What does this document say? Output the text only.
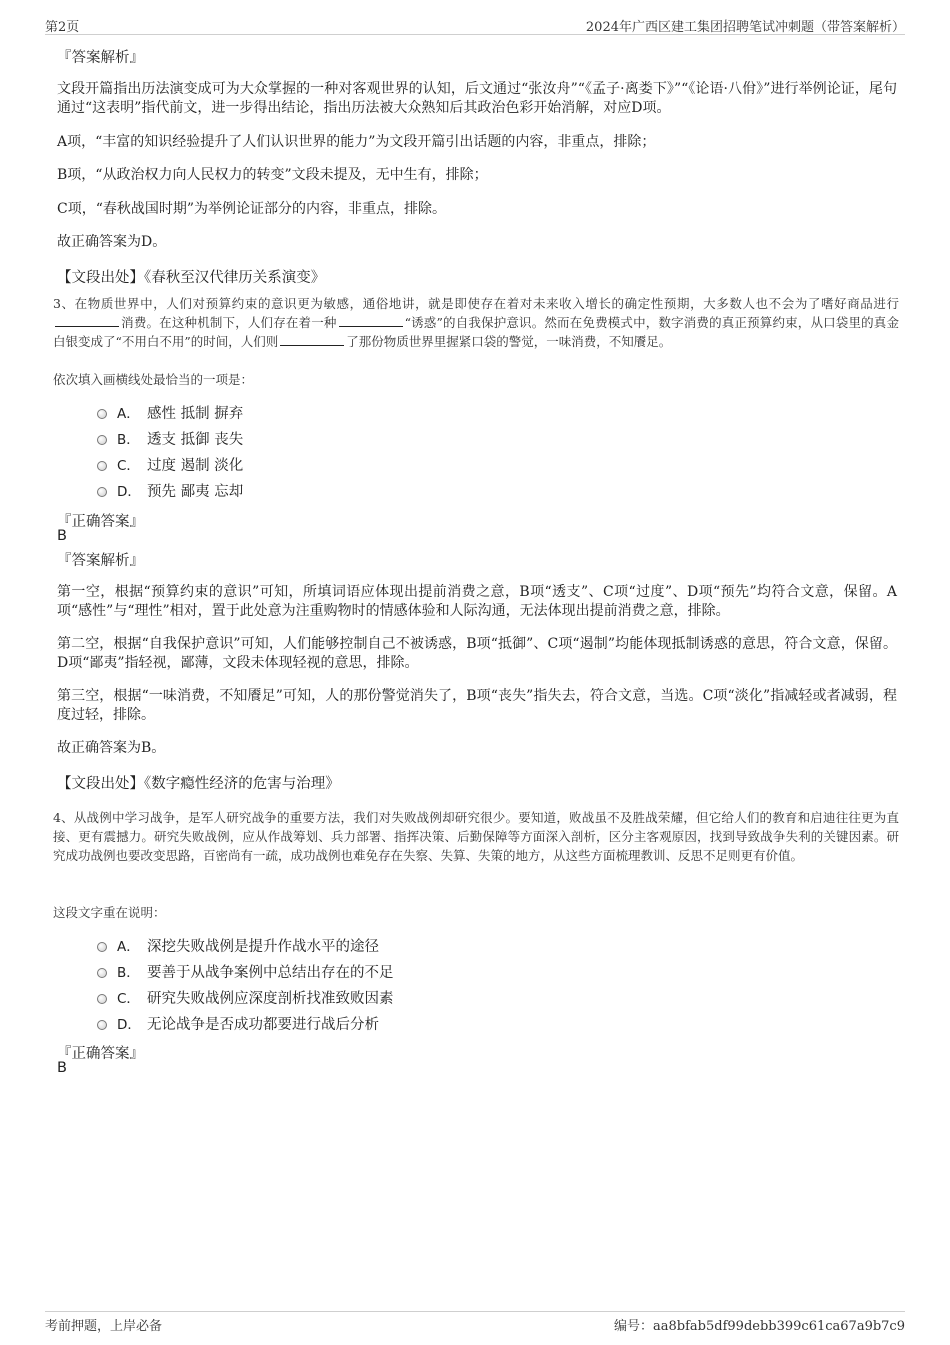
第2页	2024年广西区建工集团招聘笔试冲刺题（带答案解析）
『答案解析』
文段开篇指出历法演变成可为大众掌握的一种对客观世界的认知，后文通过“张汝舟”“《孟子·离娄下》”“《论语·八佾》”进行举例论证，尾句通过“这表明”指代前文，进一步得出结论，指出历法被大众熟知后其政治色彩开始消解，对应D项。
A项，“丰富的知识经验提升了人们认识世界的能力”为文段开篇引出话题的内容，非重点，排除；
B项，“从政治权力向人民权力的转变”文段未提及，无中生有，排除；
C项，“春秋战国时期”为举例论证部分的内容，非重点，排除。
故正确答案为D。
【文段出处】《春秋至汉代律历关系演变》
3、在物质世界中，人们对预算约束的意识更为敏感，通俗地讲，就是即使存在着对未来收入增长的确定性预期，大多数人也不会为了嗜好商品进行消费。在这种机制下，人们存在着一种	“诱惑”的自我保护意识。然而在免费模式中，数字消费的真正预算约束，从口袋里的真金白银变成了“不用白不用”的时间，人们则	了那份物质世界里握紧口袋的警觉，一味消费，不知餍足。
依次填入画横线处最恰当的一项是：
A． 感性 抵制 摒弃
B． 透支 抵御 丧失
C． 过度 遏制 淡化
D． 预先 鄙夷 忘却
『正确答案』
B
『答案解析』
第一空，根据“预算约束的意识”可知，所填词语应体现出提前消费之意，B项“透支”、C项“过度”、D项“预先”均符合文意，保留。A项“感性”与“理性”相对，置于此处意为注重购物时的情感体验和人际沟通，无法体现出提前消费之意，排除。
第二空，根据“自我保护意识”可知，人们能够控制自己不被诱惑，B项“抵御”、C项“遏制”均能体现抵制诱惑的意思，符合文意，保留。D项“鄙夷”指轻视，鄙薄，文段未体现轻视的意思，排除。
第三空，根据“一味消费，不知餍足”可知，人的那份警觉消失了，B项“丧失”指失去，符合文意，当选。C项“淡化”指减轻或者减弱，程度过轻，排除。
故正确答案为B。
【文段出处】《数字瘾性经济的危害与治理》
4、从战例中学习战争，是军人研究战争的重要方法，我们对失败战例却研究很少。要知道，败战虽不及胜战荣耀，但它给人们的教育和启迪往往更为直接、更有震撼力。研究失败战例，应从作战筹划、兵力部署、指挥决策、后勤保障等方面深入剖析，区分主客观原因，找到导致战争失利的关键因素。研究成功战例也要改变思路，百密尚有一疏，成功战例也难免存在失察、失算、失策的地方，从这些方面梳理教训、反思不足则更有价值。
这段文字重在说明：
A． 深挖失败战例是提升作战水平的途径
B． 要善于从战争案例中总结出存在的不足
C． 研究失败战例应深度剖析找准致败因素
D． 无论战争是否成功都要进行战后分析
『正确答案』
B
考前押题，上岸必备	编号：aa8bfab5df99debb399c61ca67a9b7c9
